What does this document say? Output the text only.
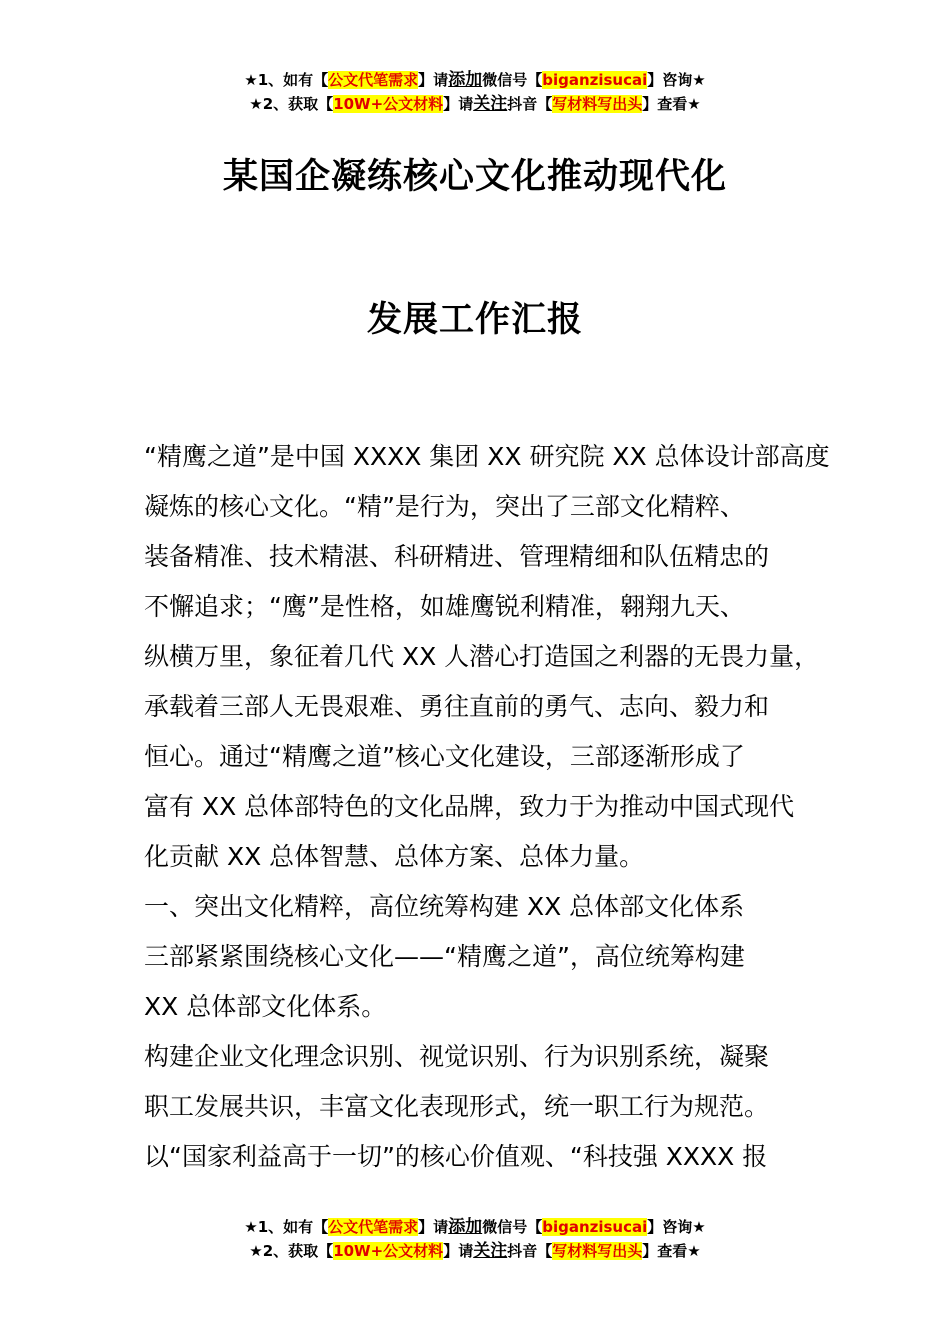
★1、如有【公文代笔需求】请添加微信号【biganzisucai】咨询★
★2、获取【10W+公文材料】请关注抖音【写材料写出头】查看★
某国企凝练核心文化推动现代化
发展工作汇报

“精鹰之道”是中国 XXXX 集团 XX 研究院 XX 总体设计部高度

凝炼的核心文化。“精”是行为，突出了三部文化精粹、

装备精准、技术精湛、科研精进、管理精细和队伍精忠的

不懈追求；“鹰”是性格，如雄鹰锐利精准，翱翔九天、

纵横万里，象征着几代 XX 人潜心打造国之利器的无畏力量，

承载着三部人无畏艰难、勇往直前的勇气、志向、毅力和

恒心。通过“精鹰之道”核心文化建设，三部逐渐形成了

富有 XX 总体部特色的文化品牌，致力于为推动中国式现代

化贡献 XX 总体智慧、总体方案、总体力量。

一、突出文化精粹，高位统筹构建 XX 总体部文化体系

三部紧紧围绕核心文化——“精鹰之道”，高位统筹构建

XX 总体部文化体系。

构建企业文化理念识别、视觉识别、行为识别系统，凝聚

职工发展共识，丰富文化表现形式，统一职工行为规范。

以“国家利益高于一切”的核心价值观、“科技强 XXXX 报

★1、如有【公文代笔需求】请添加微信号【biganzisucai】咨询★
★2、获取【10W+公文材料】请关注抖音【写材料写出头】查看★
